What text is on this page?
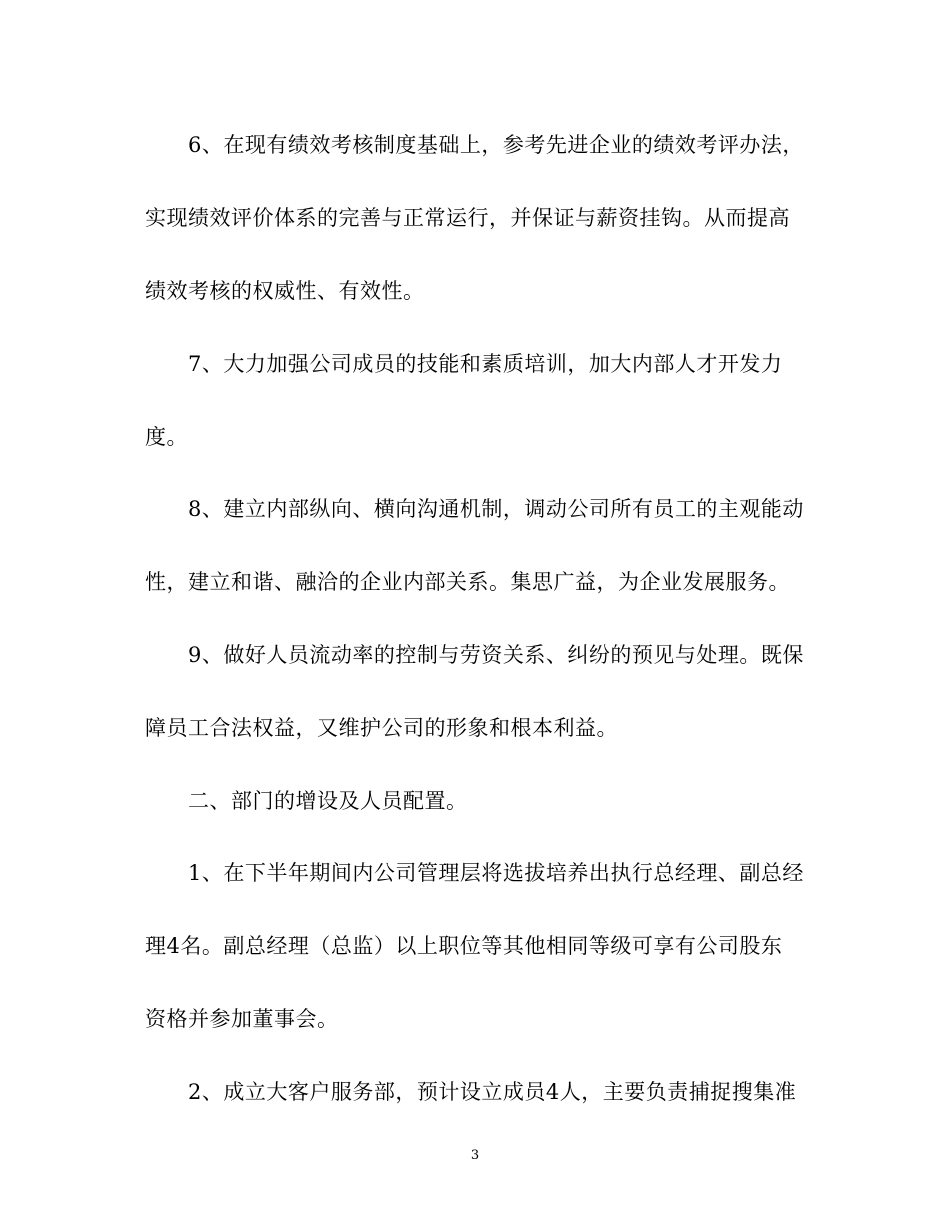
6、在现有绩效考核制度基础上，参考先进企业的绩效考评办法，
实现绩效评价体系的完善与正常运行，并保证与薪资挂钩。从而提高
绩效考核的权威性、有效性。
7、大力加强公司成员的技能和素质培训，加大内部人才开发力
度。
8、建立内部纵向、横向沟通机制，调动公司所有员工的主观能动
性，建立和谐、融洽的企业内部关系。集思广益，为企业发展服务。
9、做好人员流动率的控制与劳资关系、纠纷的预见与处理。既保
障员工合法权益，又维护公司的形象和根本利益。
二、部门的增设及人员配置。
1、在下半年期间内公司管理层将选拔培养出执行总经理、副总经
理4名。副总经理（总监）以上职位等其他相同等级可享有公司股东
资格并参加董事会。
2、成立大客户服务部，预计设立成员4人，主要负责捕捉搜集准
3
